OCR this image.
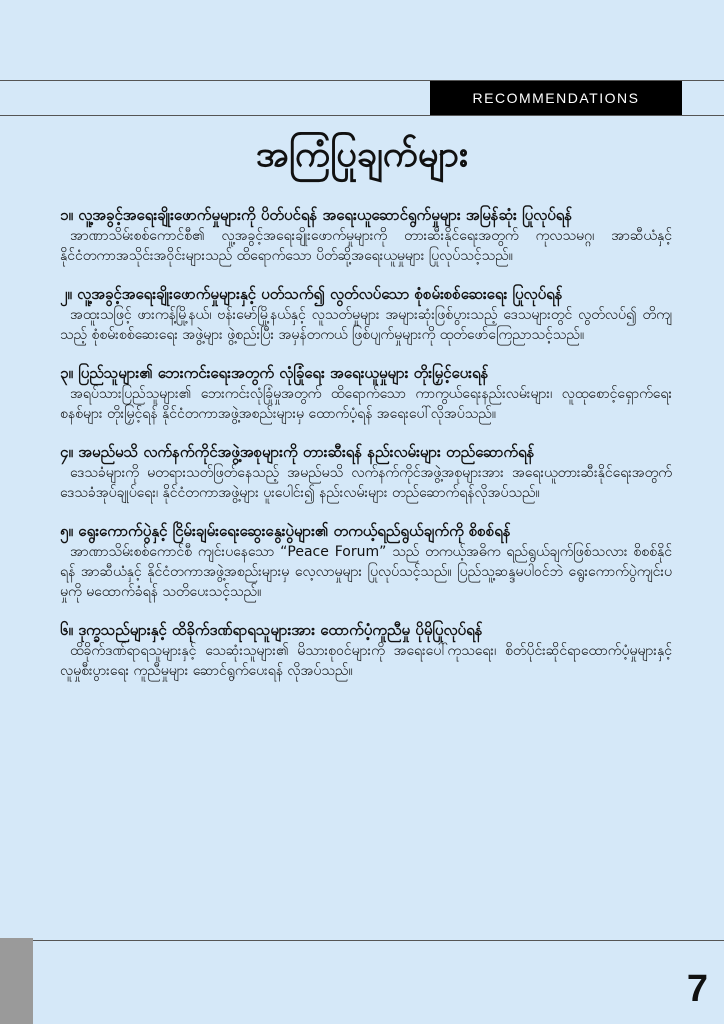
RECOMMENDATIONS
အကြံပြုချက်များ
၁။ လူ့အခွင့်အရေးချိုးဖောက်မှုများကို ပိတ်ပင်ရန် အရေးယူဆောင်ရွက်မှုများ အမြန်ဆုံး ပြုလုပ်ရန်

အာဏာသိမ်းစစ်ကောင်စီ၏ လူ့အခွင့်အရေးချိုးဖောက်မှုများကို တားဆီးနိုင်ရေးအတွက် ကုလသမဂ္ဂ၊ အာဆီယံနှင့် နိုင်ငံတကာအသိုင်းအဝိုင်းများသည် ထိရောက်သော ပိတ်ဆို့အရေးယူမှုများ ပြုလုပ်သင့်သည်။

၂။ လူ့အခွင့်အရေးချိုးဖောက်မှုများနှင့် ပတ်သက်၍ လွတ်လပ်သော စုံစမ်းစစ်ဆေးရေး ပြုလုပ်ရန်

အထူးသဖြင့် ဖားကန့်မြို့နယ်၊ ဗန်းမော်မြို့နယ်နှင့် လူသတ်မှုများ အများဆုံးဖြစ်ပွားသည့် ဒေသများတွင် လွတ်လပ်၍ တိကျသည့် စုံစမ်းစစ်ဆေးရေး အဖွဲ့များ ဖွဲ့စည်းပြီး အမှန်တကယ် ဖြစ်ပျက်မှုများကို ထုတ်ဖော်ကြေညာသင့်သည်။

၃။ ပြည်သူများ၏ ဘေးကင်းရေးအတွက် လုံခြုံရေး အရေးယူမှုများ တိုးမြှင့်ပေးရန်

အရပ်သားပြည်သူများ၏ ဘေးကင်းလုံခြုံမှုအတွက် ထိရောက်သော ကာကွယ်ရေးနည်းလမ်းများ၊ လူထုစောင့်ရှောက်ရေးစနစ်များ တိုးမြှင့်ရန် နိုင်ငံတကာအဖွဲ့အစည်းများမှ ထောက်ပံ့ရန် အရေးပေါ်လိုအပ်သည်။

၄။ အမည်မသိ လက်နက်ကိုင်အဖွဲ့အစုများကို တားဆီးရန် နည်းလမ်းများ တည်ဆောက်ရန်

ဒေသခံများကို မတရားသတ်ဖြတ်နေသည့် အမည်မသိ လက်နက်ကိုင်အဖွဲ့အစုများအား အရေးယူတားဆီးနိုင်ရေးအတွက် ဒေသခံအုပ်ချုပ်ရေး၊ နိုင်ငံတကာအဖွဲ့များ ပူးပေါင်း၍ နည်းလမ်းများ တည်ဆောက်ရန်လိုအပ်သည်။

၅။ ရွေးကောက်ပွဲနှင့် ငြိမ်းချမ်းရေးဆွေးနွေးပွဲများ၏ တကယ့်ရည်ရွယ်ချက်ကို စိစစ်ရန်

အာဏာသိမ်းစစ်ကောင်စီ ကျင်းပနေသော “Peace Forum” သည် တကယ့်အဓိက ရည်ရွယ်ချက်ဖြစ်သလား စိစစ်နိုင်ရန် အာဆီယံနှင့် နိုင်ငံတကာအဖွဲ့အစည်းများမှ လေ့လာမှုများ ပြုလုပ်သင့်သည်။ ပြည်သူ့ဆန္ဒမပါဝင်ဘဲ ရွေးကောက်ပွဲကျင်းပမှုကို မထောက်ခံရန် သတိပေးသင့်သည်။

၆။ ဒုက္ခသည်များနှင့် ထိခိုက်ဒဏ်ရာရသူများအား ထောက်ပံ့ကူညီမှု ပိုမိုပြုလုပ်ရန်

ထိခိုက်ဒဏ်ရာရသူများနှင့် သေဆုံးသူများ၏ မိသားစုဝင်များကို အရေးပေါ်ကုသရေး၊ စိတ်ပိုင်းဆိုင်ရာထောက်ပံ့မှုများနှင့် လူမှုစီးပွားရေး ကူညီမှုများ ဆောင်ရွက်ပေးရန် လိုအပ်သည်။

7
